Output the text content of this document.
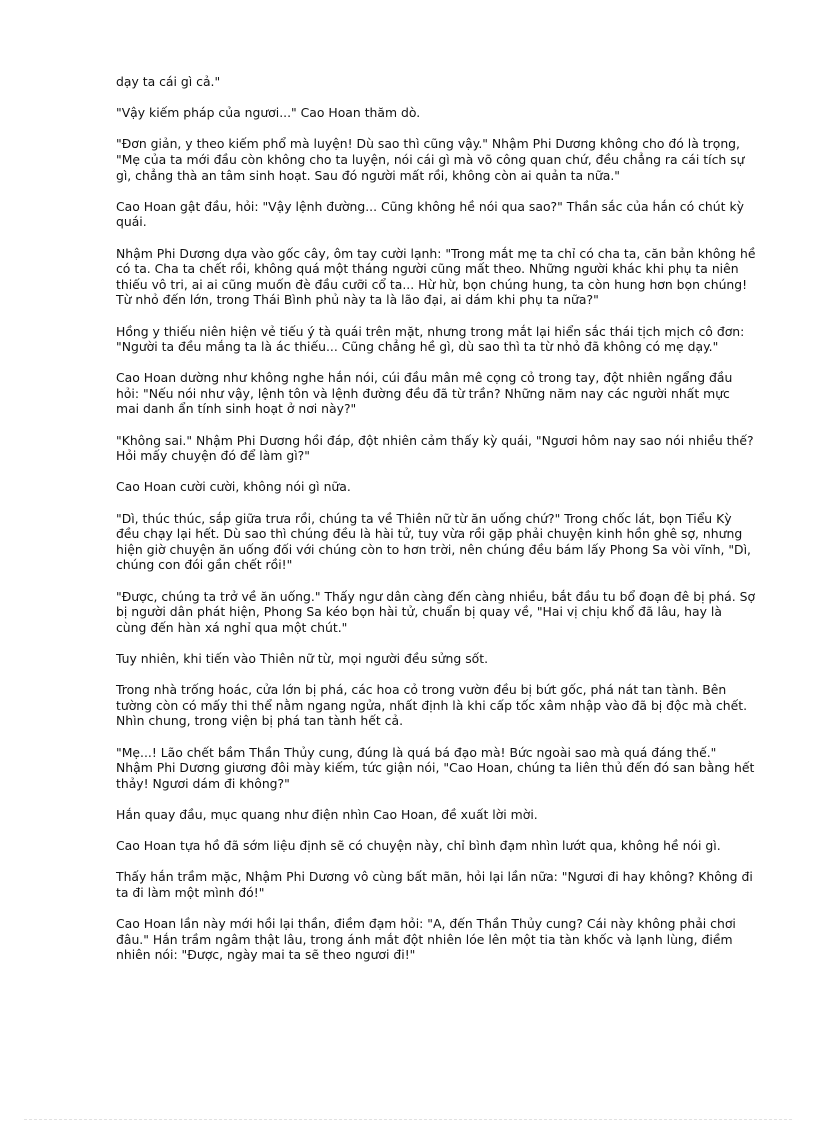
dạy ta cái gì cả."

"Vậy kiếm pháp của ngươi..." Cao Hoan thăm dò.

"Đơn giản, y theo kiếm phổ mà luyện! Dù sao thì cũng vậy." Nhậm Phi Dương không cho đó là trọng, "Mẹ của ta mới đầu còn không cho ta luyện, nói cái gì mà võ công quan chứ, đều chẳng ra cái tích sự gì, chẳng thà an tâm sinh hoạt. Sau đó người mất rồi, không còn ai quản ta nữa."

Cao Hoan gật đầu, hỏi: "Vậy lệnh đường... Cũng không hề nói qua sao?" Thần sắc của hắn có chút kỳ quái.

Nhậm Phi Dương dựa vào gốc cây, ôm tay cười lạnh: "Trong mắt mẹ ta chỉ có cha ta, căn bản không hề có ta. Cha ta chết rồi, không quá một tháng người cũng mất theo. Những người khác khi phụ ta niên thiếu vô tri, ai ai cũng muốn đè đầu cưỡi cổ ta... Hừ hừ, bọn chúng hung, ta còn hung hơn bọn chúng! Từ nhỏ đến lớn, trong Thái Bình phủ này ta là lão đại, ai dám khi phụ ta nữa?"

Hồng y thiếu niên hiện vẻ tiếu ý tà quái trên mặt, nhưng trong mắt lại hiển sắc thái tịch mịch cô đơn: "Người ta đều mắng ta là ác thiếu... Cũng chẳng hề gì, dù sao thì ta từ nhỏ đã không có mẹ dạy."

Cao Hoan dường như không nghe hắn nói, cúi đầu mân mê cọng cỏ trong tay, đột nhiên ngẩng đầu hỏi: "Nếu nói như vậy, lệnh tôn và lệnh đường đều đã từ trần? Những năm nay các người nhất mực mai danh ẩn tính sinh hoạt ở nơi này?"

"Không sai." Nhậm Phi Dương hồi đáp, đột nhiên cảm thấy kỳ quái, "Ngươi hôm nay sao nói nhiều thế? Hỏi mấy chuyện đó để làm gì?"

Cao Hoan cười cười, không nói gì nữa.

"Dì, thúc thúc, sắp giữa trưa rồi, chúng ta về Thiên nữ từ ăn uống chứ?" Trong chốc lát, bọn Tiểu Kỳ đều chạy lại hết. Dù sao thì chúng đều là hài tử, tuy vừa rồi gặp phải chuyện kinh hồn ghê sợ, nhưng hiện giờ chuyện ăn uống đối với chúng còn to hơn trời, nên chúng đều bám lấy Phong Sa vòi vĩnh, "Dì, chúng con đói gần chết rồi!"

"Được, chúng ta trở về ăn uống." Thấy ngư dân càng đến càng nhiều, bắt đầu tu bổ đoạn đê bị phá. Sợ bị người dân phát hiện, Phong Sa kéo bọn hài tử, chuẩn bị quay về, "Hai vị chịu khổ đã lâu, hay là cùng đến hàn xá nghỉ qua một chút."

Tuy nhiên, khi tiến vào Thiên nữ từ, mọi người đều sửng sốt.

Trong nhà trống hoác, cửa lớn bị phá, các hoa cỏ trong vườn đều bị bứt gốc, phá nát tan tành. Bên tường còn có mấy thi thể nằm ngang ngửa, nhất định là khi cấp tốc xâm nhập vào đã bị độc mà chết. Nhìn chung, trong viện bị phá tan tành hết cả.

"Mẹ...! Lão chết bầm Thần Thủy cung, đúng là quá bá đạo mà! Bức ngoài sao mà quá đáng thế." Nhậm Phi Dương giương đôi mày kiếm, tức giận nói, "Cao Hoan, chúng ta liên thủ đến đó san bằng hết thảy! Ngươi dám đi không?"

Hắn quay đầu, mục quang như điện nhìn Cao Hoan, đề xuất lời mời.

Cao Hoan tựa hồ đã sớm liệu định sẽ có chuyện này, chỉ bình đạm nhìn lướt qua, không hề nói gì.

Thấy hắn trầm mặc, Nhậm Phi Dương vô cùng bất mãn, hỏi lại lần nữa: "Ngươi đi hay không? Không đi ta đi làm một mình đó!"

Cao Hoan lần này mới hồi lại thần, điềm đạm hỏi: "A, đến Thần Thủy cung? Cái này không phải chơi đâu." Hắn trầm ngâm thật lâu, trong ánh mắt đột nhiên lóe lên một tia tàn khốc và lạnh lùng, điềm nhiên nói: "Được, ngày mai ta sẽ theo ngươi đi!"
